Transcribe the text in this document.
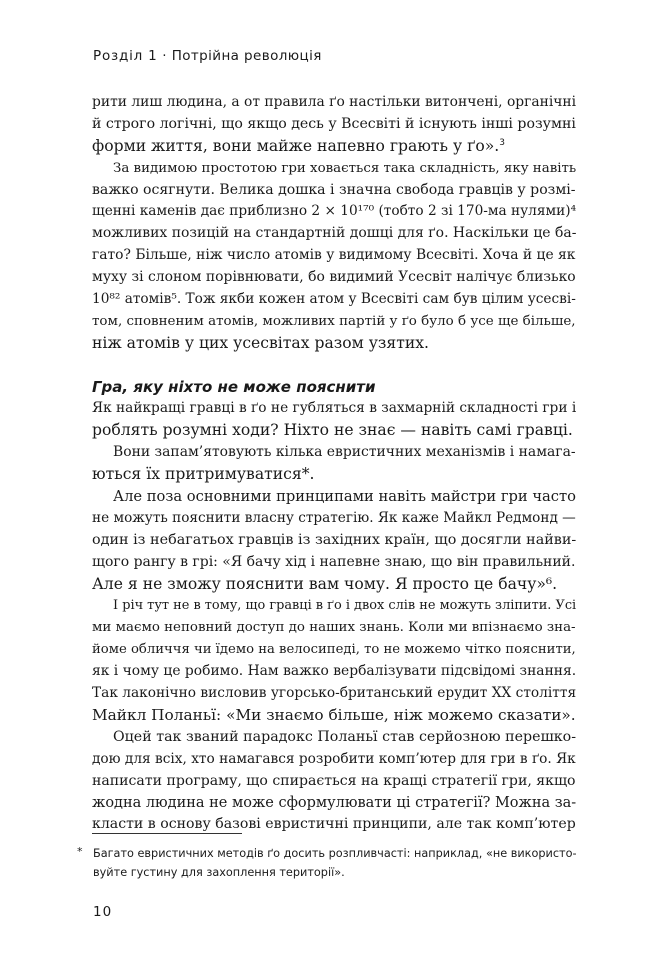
Розділ 1 · Потрійна революція

рити лиш людина, а от правила ґо настільки витончені, органічні
й строго логічні, що якщо десь у Всесвіті й існують інші розумні
форми життя, вони майже напевно грають у ґо».$^3$

За видимою простотою гри ховається така складність, яку навіть
важко осягнути. Велика дошка і значна свобода гравців у розмі-
щенні каменів дає приблизно 2 × 10¹⁷⁰ (тобто 2 зі 170-ма нулями)⁴
можливих позицій на стандартній дошці для ґо. Наскільки це ба-
гато? Більше, ніж число атомів у видимому Всесвіті. Хоча й це як
муху зі слоном порівнювати, бо видимий Усесвіт налічує близько
10⁸² атомів⁵. Тож якби кожен атом у Всесвіті сам був цілим усесві-
том, сповненим атомів, можливих партій у ґо було б усе ще більше,
ніж атомів у цих усесвітах разом узятих.

Гра, яку ніхто не може пояснити

Як найкращі гравці в ґо не губляться в захмарній складності гри і
роблять розумні ходи? Ніхто не знає — навіть самі гравці.

Вони запам’ятовують кілька евристичних механізмів і намага-
ються їх притримуватися*.

Але поза основними принципами навіть майстри гри часто
не можуть пояснити власну стратегію. Як каже Майкл Редмонд —
один із небагатьох гравців із західних країн, що досягли найви-
щого рангу в грі: «Я бачу хід і напевне знаю, що він правильний.
Але я не зможу пояснити вам чому. Я просто це бачу»⁶.

І річ тут не в тому, що гравці в ґо і двох слів не можуть зліпити. Усі
ми маємо неповний доступ до наших знань. Коли ми впізнаємо зна-
йоме обличчя чи їдемо на велосипеді, то не можемо чітко пояснити,
як і чому це робимо. Нам важко вербалізувати підсвідомі знання.
Так лаконічно висловив угорсько-британський ерудит XX століття
Майкл Поланьї: «Ми знаємо більше, ніж можемо сказати».

Оцей так званий парадокс Поланьї став серйозною перешко-
дою для всіх, хто намагався розробити комп’ютер для гри в ґо. Як
написати програму, що спирається на кращі стратегії гри, якщо
жодна людина не може сформулювати ці стратегії? Можна за-
класти в основу базові евристичні принципи, але так комп’ютер

* Багато евристичних методів ґо досить розпливчасті: наприклад, «не використо-
вуйте густину для захоплення території».
10
